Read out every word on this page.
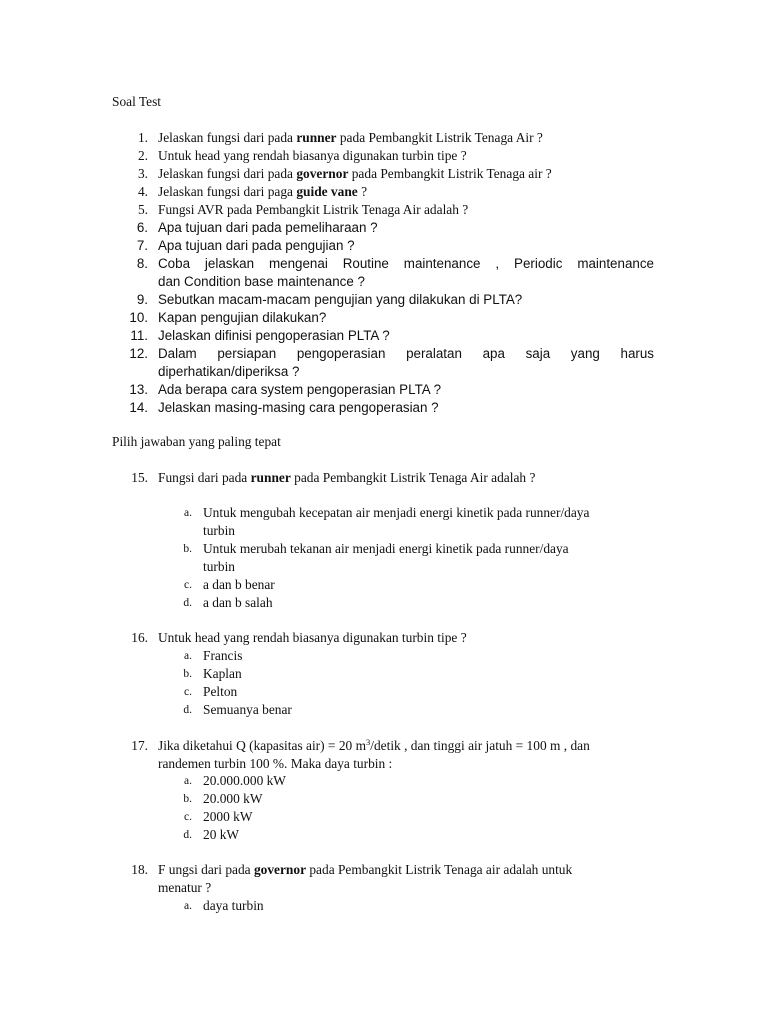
Soal Test
1. Jelaskan fungsi dari pada runner pada Pembangkit Listrik Tenaga Air ?
2. Untuk head yang rendah biasanya digunakan turbin tipe ?
3. Jelaskan fungsi dari pada governor pada Pembangkit Listrik Tenaga air ?
4. Jelaskan fungsi dari paga guide vane ?
5. Fungsi AVR pada Pembangkit Listrik Tenaga Air adalah ?
6. Apa tujuan dari pada pemeliharaan ?
7. Apa tujuan dari pada pengujian ?
8. Coba jelaskan mengenai Routine maintenance , Periodic maintenance
dan Condition base maintenance ?
9. Sebutkan macam-macam pengujian yang dilakukan di PLTA?
10. Kapan pengujian dilakukan?
11. Jelaskan difinisi pengoperasian PLTA ?
12. Dalam persiapan pengoperasian peralatan apa saja yang harus
diperhatikan/diperiksa ?
13. Ada berapa cara system pengoperasian PLTA ?
14. Jelaskan masing-masing cara pengoperasian ?
Pilih jawaban yang paling tepat
15. Fungsi dari pada runner pada Pembangkit Listrik Tenaga Air adalah ?
a. Untuk mengubah kecepatan air menjadi energi kinetik pada runner/daya
turbin
b. Untuk merubah tekanan air menjadi energi kinetik pada runner/daya
turbin
c. a dan b benar
d. a dan b salah
16. Untuk head yang rendah biasanya digunakan turbin tipe ?
a. Francis
b. Kaplan
c. Pelton
d. Semuanya benar
17. Jika diketahui Q (kapasitas air) = 20 $m^3$/detik , dan tinggi air jatuh = 100 m , dan
randemen turbin 100 %. Maka daya turbin :
a. 20.000.000 kW
b. 20.000 kW
c. 2000 kW
d. 20 kW
18. F ungsi dari pada governor pada Pembangkit Listrik Tenaga air adalah untuk
menatur ?
a. daya turbin
